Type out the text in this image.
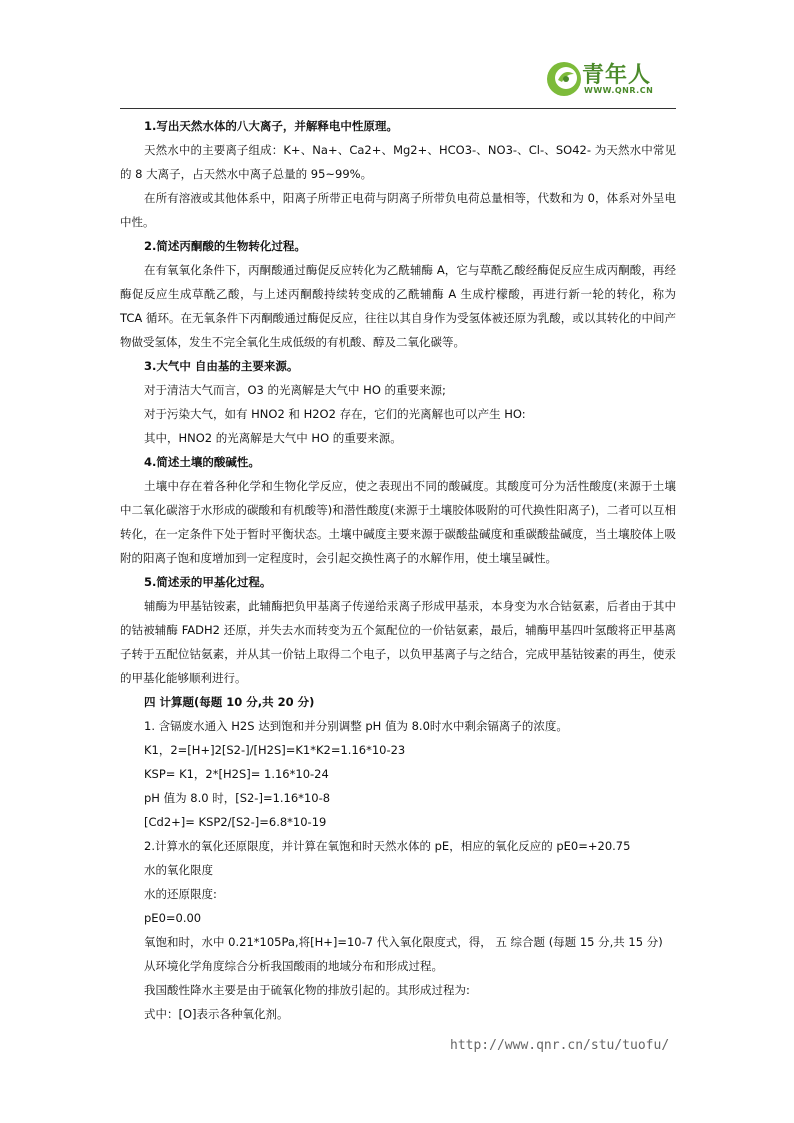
青年人
WWW.QNR.CN

1.写出天然水体的八大离子，并解释电中性原理。

天然水中的主要离子组成：K+、Na+、Ca2+、Mg2+、HCO3-、NO3-、Cl-、SO42- 为天然水中常见的 8 大离子，占天然水中离子总量的 95~99%。

在所有溶液或其他体系中，阳离子所带正电荷与阴离子所带负电荷总量相等，代数和为 0，体系对外呈电中性。

2.简述丙酮酸的生物转化过程。

在有氧氧化条件下，丙酮酸通过酶促反应转化为乙酰辅酶 A，它与草酰乙酸经酶促反应生成丙酮酸，再经酶促反应生成草酰乙酸，与上述丙酮酸持续转变成的乙酰辅酶 A 生成柠檬酸，再进行新一轮的转化，称为 TCA 循环。在无氧条件下丙酮酸通过酶促反应，往往以其自身作为受氢体被还原为乳酸，或以其转化的中间产物做受氢体，发生不完全氧化生成低级的有机酸、醇及二氧化碳等。

3.大气中 自由基的主要来源。

对于清洁大气而言，O3 的光离解是大气中 HO 的重要来源;

对于污染大气，如有 HNO2 和 H2O2 存在，它们的光离解也可以产生 HO:

其中，HNO2 的光离解是大气中 HO 的重要来源。

4.简述土壤的酸碱性。

土壤中存在着各种化学和生物化学反应，使之表现出不同的酸碱度。其酸度可分为活性酸度(来源于土壤中二氧化碳溶于水形成的碳酸和有机酸等)和潜性酸度(来源于土壤胶体吸附的可代换性阳离子)，二者可以互相转化，在一定条件下处于暂时平衡状态。土壤中碱度主要来源于碳酸盐碱度和重碳酸盐碱度，当土壤胶体上吸附的阳离子饱和度增加到一定程度时，会引起交换性离子的水解作用，使土壤呈碱性。

5.简述汞的甲基化过程。

辅酶为甲基钴铵素，此辅酶把负甲基离子传递给汞离子形成甲基汞，本身变为水合钴氨素，后者由于其中的钴被辅酶 FADH2 还原，并失去水而转变为五个氮配位的一价钴氨素，最后，辅酶甲基四叶氢酸将正甲基离子转于五配位钴氨素，并从其一价钴上取得二个电子，以负甲基离子与之结合，完成甲基钴铵素的再生，使汞的甲基化能够顺利进行。

四 计算题(每题 10 分,共 20 分)

1. 含镉废水通入 H2S 达到饱和并分别调整 pH 值为 8.0时水中剩余镉离子的浓度。

K1，2=[H+]2[S2-]/[H2S]=K1*K2=1.16*10-23

KSP= K1，2*[H2S]= 1.16*10-24

pH 值为 8.0 时，[S2-]=1.16*10-8

[Cd2+]= KSP2/[S2-]=6.8*10-19

2.计算水的氧化还原限度，并计算在氧饱和时天然水体的 pE，相应的氧化反应的 pE0=+20.75

水的氧化限度

水的还原限度:

pE0=0.00

氧饱和时，水中 0.21*105Pa,将[H+]=10-7 代入氧化限度式，得， 五 综合题 (每题 15 分,共 15 分)

从环境化学角度综合分析我国酸雨的地域分布和形成过程。

我国酸性降水主要是由于硫氧化物的排放引起的。其形成过程为:

式中：[O]表示各种氧化剂。

http://www.qnr.cn/stu/tuofu/
